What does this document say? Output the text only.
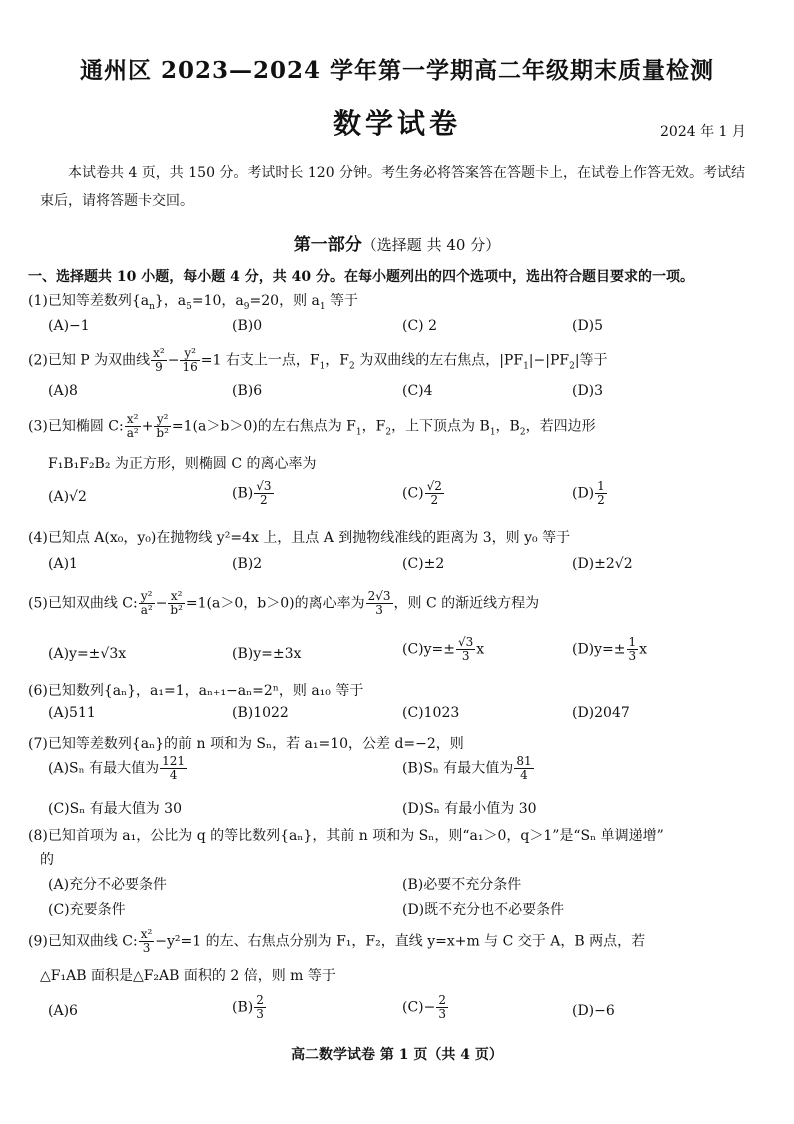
通州区 2023—2024 学年第一学期高二年级期末质量检测
数学试卷	2024 年 1 月
本试卷共 4 页，共 150 分。考试时长 120 分钟。考生务必将答案答在答题卡上，在试卷上作答无效。考试结束后，请将答题卡交回。
第一部分（选择题 共 40 分）
一、选择题共 10 小题，每小题 4 分，共 40 分。在每小题列出的四个选项中，选出符合题目要求的一项。
(1)已知等差数列$\{a_n\}$，$a_5=10$，$a_9=20$，则 $a_1$ 等于
(A)−1	(B)0	(C) 2	(D)5
(2)已知 P 为双曲线 $\frac{\text{x²}}{9} - \frac{\text{y²}}{16} =1$ 右支上一点，$F_1$，$F_2$ 为双曲线的左右焦点，$|PF_1|-|PF_2|$等于
(A)8	(B)6	(C)4	(D)3
(3)已知椭圆 C: $\frac{\text{x²}}{\text{a²}} + \frac{\text{y²}}{\text{b²}} =1(a>b>0)$的左右焦点为 $F_1$，$F_2$，上下顶点为 $B_1$，$B_2$，若四边形
F₁B₁F₂B₂ 为正方形，则椭圆 C 的离心率为
(A)√2	$(B) \frac{√3}{2}$	$(C) \frac{√2}{2}$	$(D) \frac{1}{2}$
(4)已知点 A(x₀，y₀)在抛物线 y²=4x 上，且点 A 到抛物线准线的距离为 3，则 y₀ 等于
(A)1	(B)2	(C)±2	(D)±2√2
(5)已知双曲线 C: $\frac{\text{y²}}{\text{a²}} - \frac{\text{x²}}{\text{b²}} =1(a>0$，b＞0)的离心率为 $\frac{2√3}{3}$ ，则 C 的渐近线方程为
(A)y=±√3x	(B)y=±3x	$(C)y=\pm \frac{√3}{3}$ x	$(D)y=\pm \frac{1}{3}$ x
(6)已知数列{aₙ}，a₁=1，aₙ₊₁−aₙ=2ⁿ，则 a₁₀ 等于
(A)511	(B)1022	(C)1023	(D)2047
(7)已知等差数列{aₙ}的前 n 项和为 Sₙ，若 a₁=10，公差 d=−2，则
(A)Sₙ 有最大值为 $\frac{121}{4}$	(B)Sₙ 有最大值为 $\frac{81}{4}$
(C)Sₙ 有最大值为 30	(D)Sₙ 有最小值为 30
(8)已知首项为 a₁，公比为 q 的等比数列{aₙ}，其前 n 项和为 Sₙ，则“a₁＞0，q＞1”是“Sₙ 单调递增”
的
(A)充分不必要条件	(B)必要不充分条件
(C)充要条件	(D)既不充分也不必要条件
(9)已知双曲线 C: $\frac{\text{x²}}{3} -y^2=1$ 的左、右焦点分别为 F₁，F₂，直线 y=x+m 与 C 交于 A，B 两点，若
△F₁AB 面积是△F₂AB 面积的 2 倍，则 m 等于
(A)6	$(B) \frac{2}{3}$	$(C)- \frac{2}{3}$	(D)−6
高二数学试卷 第 1 页（共 4 页）
